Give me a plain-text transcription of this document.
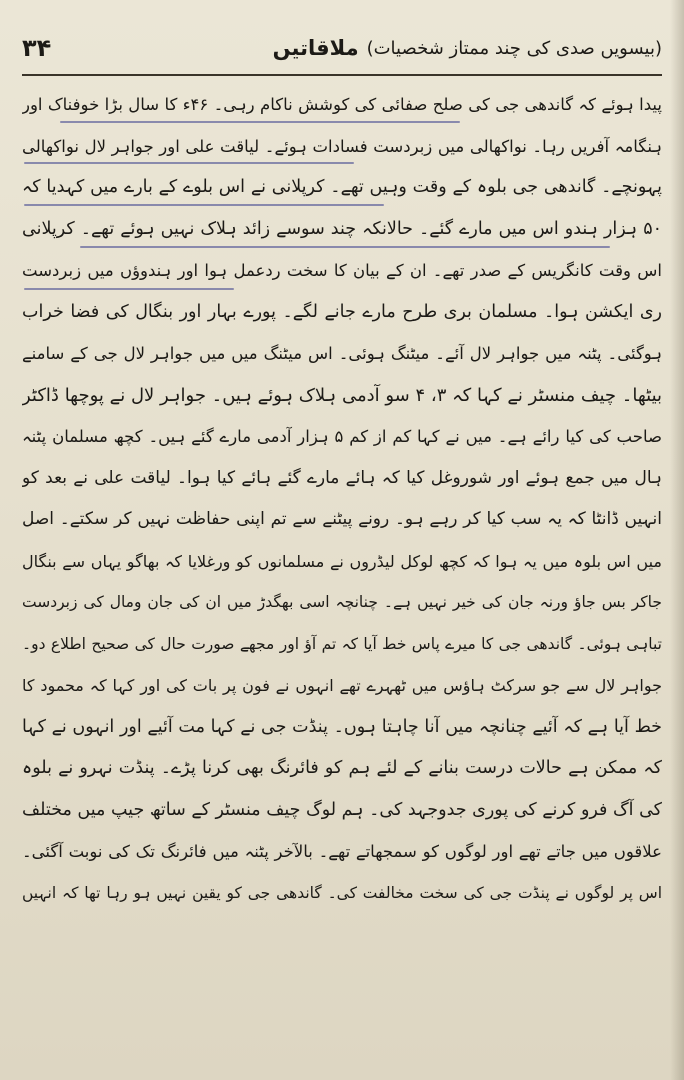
۳۴	ملاقاتیں (بیسویں صدی کی چند ممتاز شخصیات)
پیدا ہوئے کہ گاندھی جی کی صلح صفائی کی کوشش ناکام رہی۔ ۴۶ء کا سال بڑا خوفناک اور
ہنگامہ آفریں رہا۔ نواکھالی میں زبردست فسادات ہوئے۔ لیاقت علی اور جواہر لال نواکھالی
پہونچے۔ گاندھی جی بلوہ کے وقت وہیں تھے۔ کرپلانی نے اس بلوے کے بارے میں کہدیا کہ
۵۰ ہزار ہندو اس میں مارے گئے۔ حالانکہ چند سوسے زائد ہلاک نہیں ہوئے تھے۔ کرپلانی
اس وقت کانگریس کے صدر تھے۔ ان کے بیان کا سخت ردعمل ہوا اور ہندوؤں میں زبردست
ری ایکشن ہوا۔ مسلمان بری طرح مارے جانے لگے۔ پورے بہار اور بنگال کی فضا خراب
ہوگئی۔ پٹنہ میں جواہر لال آئے۔ میٹنگ ہوئی۔ اس میٹنگ میں میں جواہر لال جی کے سامنے
بیٹھا۔ چیف منسٹر نے کہا کہ ۳، ۴ سو آدمی ہلاک ہوئے ہیں۔ جواہر لال نے پوچھا ڈاکٹر
صاحب کی کیا رائے ہے۔ میں نے کہا کم از کم ۵ ہزار آدمی مارے گئے ہیں۔ کچھ مسلمان پٹنہ
ہال میں جمع ہوئے اور شوروغل کیا کہ ہائے مارے گئے ہائے کیا ہوا۔ لیاقت علی نے بعد کو
انہیں ڈانٹا کہ یہ سب کیا کر رہے ہو۔ رونے پیٹنے سے تم اپنی حفاظت نہیں کر سکتے۔ اصل
میں اس بلوہ میں یہ ہوا کہ کچھ لوکل لیڈروں نے مسلمانوں کو ورغلایا کہ بھاگو یہاں سے بنگال
جاکر بس جاؤ ورنہ جان کی خیر نہیں ہے۔ چنانچہ اسی بھگدڑ میں ان کی جان ومال کی زبردست
تباہی ہوئی۔ گاندھی جی کا میرے پاس خط آیا کہ تم آؤ اور مجھے صورت حال کی صحیح اطلاع دو۔
جواہر لال سے جو سرکٹ ہاؤس میں ٹھہرے تھے انہوں نے فون پر بات کی اور کہا کہ محمود کا
خط آیا ہے کہ آئیے چنانچہ میں آنا چاہتا ہوں۔ پنڈت جی نے کہا مت آئیے اور انہوں نے کہا
کہ ممکن ہے حالات درست بنانے کے لئے ہم کو فائرنگ بھی کرنا پڑے۔ پنڈت نہرو نے بلوہ
کی آگ فرو کرنے کی پوری جدوجہد کی۔ ہم لوگ چیف منسٹر کے ساتھ جیپ میں مختلف
علاقوں میں جاتے تھے اور لوگوں کو سمجھاتے تھے۔ بالآخر پٹنہ میں فائرنگ تک کی نوبت آگئی۔
اس پر لوگوں نے پنڈت جی کی سخت مخالفت کی۔ گاندھی جی کو یقین نہیں ہو رہا تھا کہ انہیں
